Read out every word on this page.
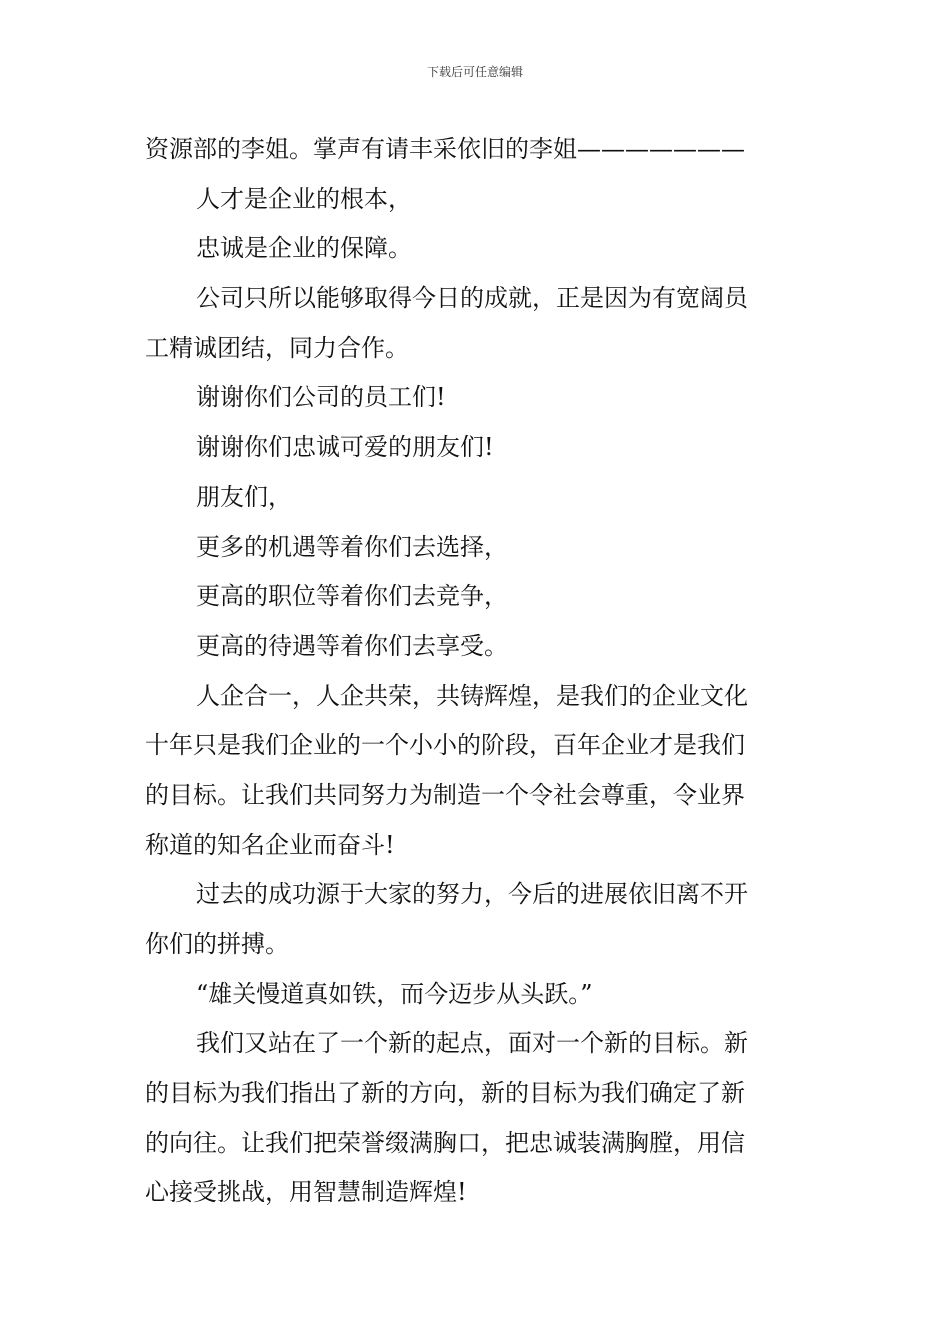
下载后可任意编辑
资源部的李姐。掌声有请丰采依旧的李姐———————
人才是企业的根本，
忠诚是企业的保障。
公司只所以能够取得今日的成就，正是因为有宽阔员
工精诚团结，同力合作。
谢谢你们公司的员工们!
谢谢你们忠诚可爱的朋友们!
朋友们，
更多的机遇等着你们去选择，
更高的职位等着你们去竞争，
更高的待遇等着你们去享受。
人企合一，人企共荣，共铸辉煌，是我们的企业文化
十年只是我们企业的一个小小的阶段，百年企业才是我们
的目标。让我们共同努力为制造一个令社会尊重，令业界
称道的知名企业而奋斗!
过去的成功源于大家的努力，今后的进展依旧离不开
你们的拼搏。
“雄关慢道真如铁，而今迈步从头跃。”
我们又站在了一个新的起点，面对一个新的目标。新
的目标为我们指出了新的方向，新的目标为我们确定了新
的向往。让我们把荣誉缀满胸口，把忠诚装满胸膛，用信
心接受挑战，用智慧制造辉煌!
